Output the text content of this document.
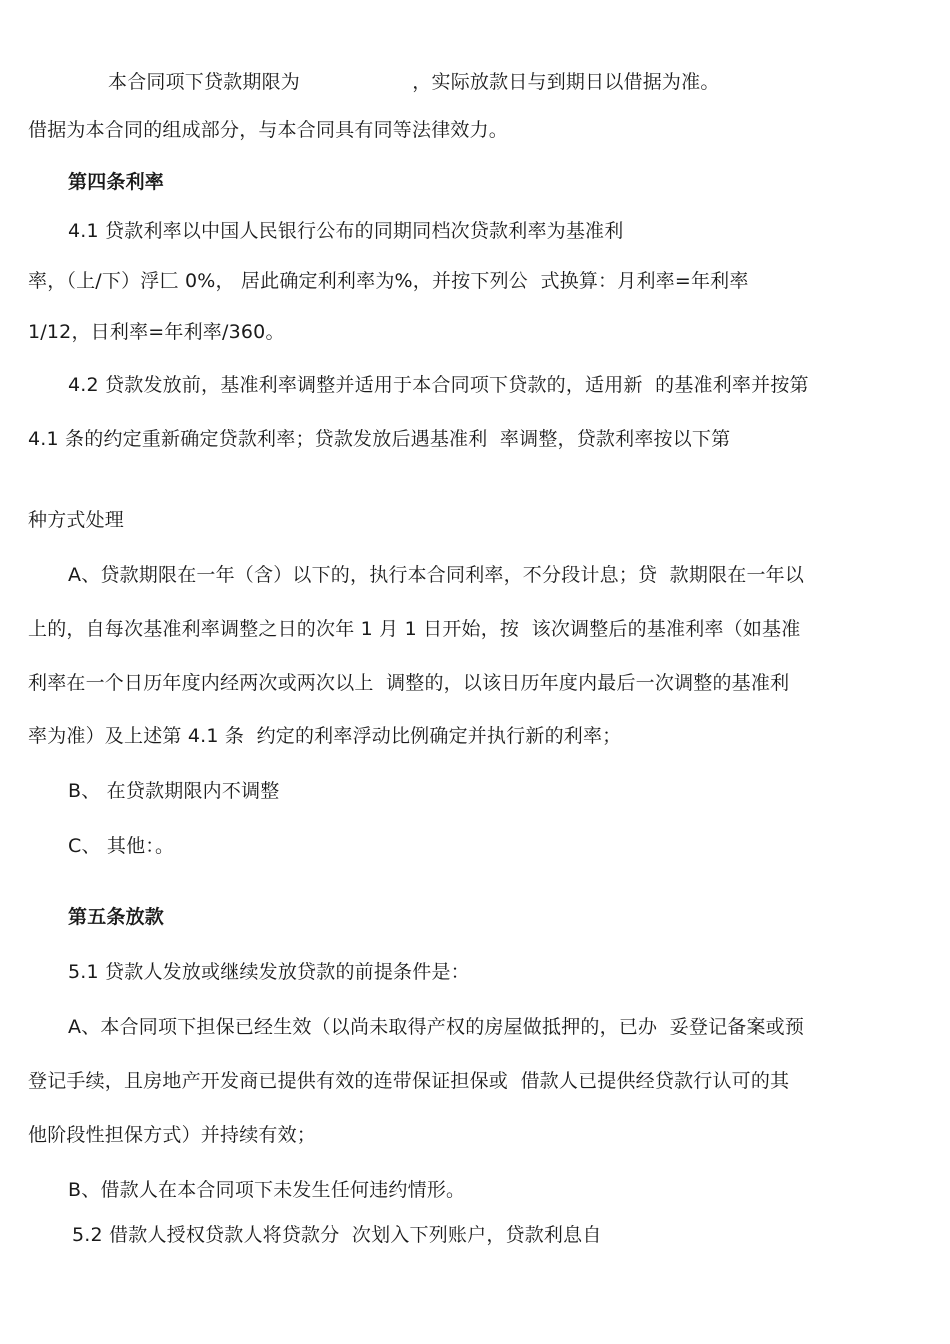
本合同项下贷款期限为                  ，实际放款日与到期日以借据为准。
借据为本合同的组成部分，与本合同具有同等法律效力。
第四条利率
4.1 贷款利率以中国人民银行公布的同期同档次贷款利率为基准利
率，（上/下）浮匚 0%， 居此确定利利率为%，并按下列公  式换算：月利率=年利率
1/12，日利率=年利率/360。
4.2 贷款发放前，基准利率调整并适用于本合同项下贷款的，适用新  的基准利率并按第
4.1 条的约定重新确定贷款利率；贷款发放后遇基准利  率调整，贷款利率按以下第
种方式处理
A、贷款期限在一年（含）以下的，执行本合同利率，不分段计息；贷  款期限在一年以
上的，自每次基准利率调整之日的次年 1 月 1 日开始，按  该次调整后的基准利率（如基准
利率在一个日历年度内经两次或两次以上  调整的，以该日历年度内最后一次调整的基准利
率为准）及上述第 4.1 条  约定的利率浮动比例确定并执行新的利率；
B、 在贷款期限内不调整
C、 其他：。
第五条放款
5.1 贷款人发放或继续发放贷款的前提条件是：
A、本合同项下担保已经生效（以尚未取得产权的房屋做抵押的，已办  妥登记备案或预
登记手续，且房地产开发商已提供有效的连带保证担保或  借款人已提供经贷款行认可的其
他阶段性担保方式）并持续有效；
B、借款人在本合同项下未发生任何违约情形。
5.2 借款人授权贷款人将贷款分  次划入下列账户，贷款利息自
